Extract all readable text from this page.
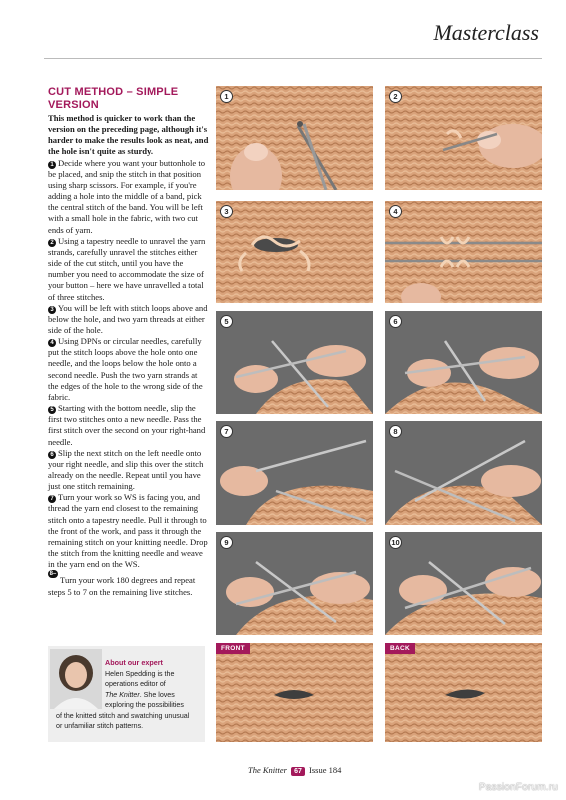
Masterclass

CUT METHOD – SIMPLE VERSION

This method is quicker to work than the version on the preceding page, although it's harder to make the results look as neat, and the hole isn't quite as sturdy.

1 Decide where you want your buttonhole to be placed, and snip the stitch in that position using sharp scissors. For example, if you're adding a hole into the middle of a band, pick the central stitch of the band. You will be left with a small hole in the fabric, with two cut ends of yarn.

2 Using a tapestry needle to unravel the yarn strands, carefully unravel the stitches either side of the cut stitch, until you have the number you need to accommodate the size of your button – here we have unravelled a total of three stitches.

3 You will be left with stitch loops above and below the hole, and two yarn threads at either side of the hole.

4 Using DPNs or circular needles, carefully put the stitch loops above the hole onto one needle, and the loops below the hole onto a second needle. Push the two yarn strands at the edges of the hole to the wrong side of the fabric.

5 Starting with the bottom needle, slip the first two stitches onto a new needle. Pass the first stitch over the second on your right-hand needle.

6 Slip the next stitch on the left needle onto your right needle, and slip this over the stitch already on the needle. Repeat until you have just one stitch remaining.

7 Turn your work so WS is facing you, and thread the yarn end closest to the remaining stitch onto a tapestry needle. Pull it through to the front of the work, and pass it through the remaining stitch on your knitting needle. Drop the stitch from the knitting needle and weave in the yarn end on the WS.

8–10 Turn your work 180 degrees and repeat steps 5 to 7 on the remaining live stitches.

1	2
3	4
5	6
7	8
9	10
FRONT	BACK
About our expert
Helen Spedding is the
operations editor of
The Knitter. She loves
exploring the possibilities
of the knitted stitch and swatching unusual
or unfamiliar stitch patterns.
The Knitter 67 Issue 184
PassionForum.ru
